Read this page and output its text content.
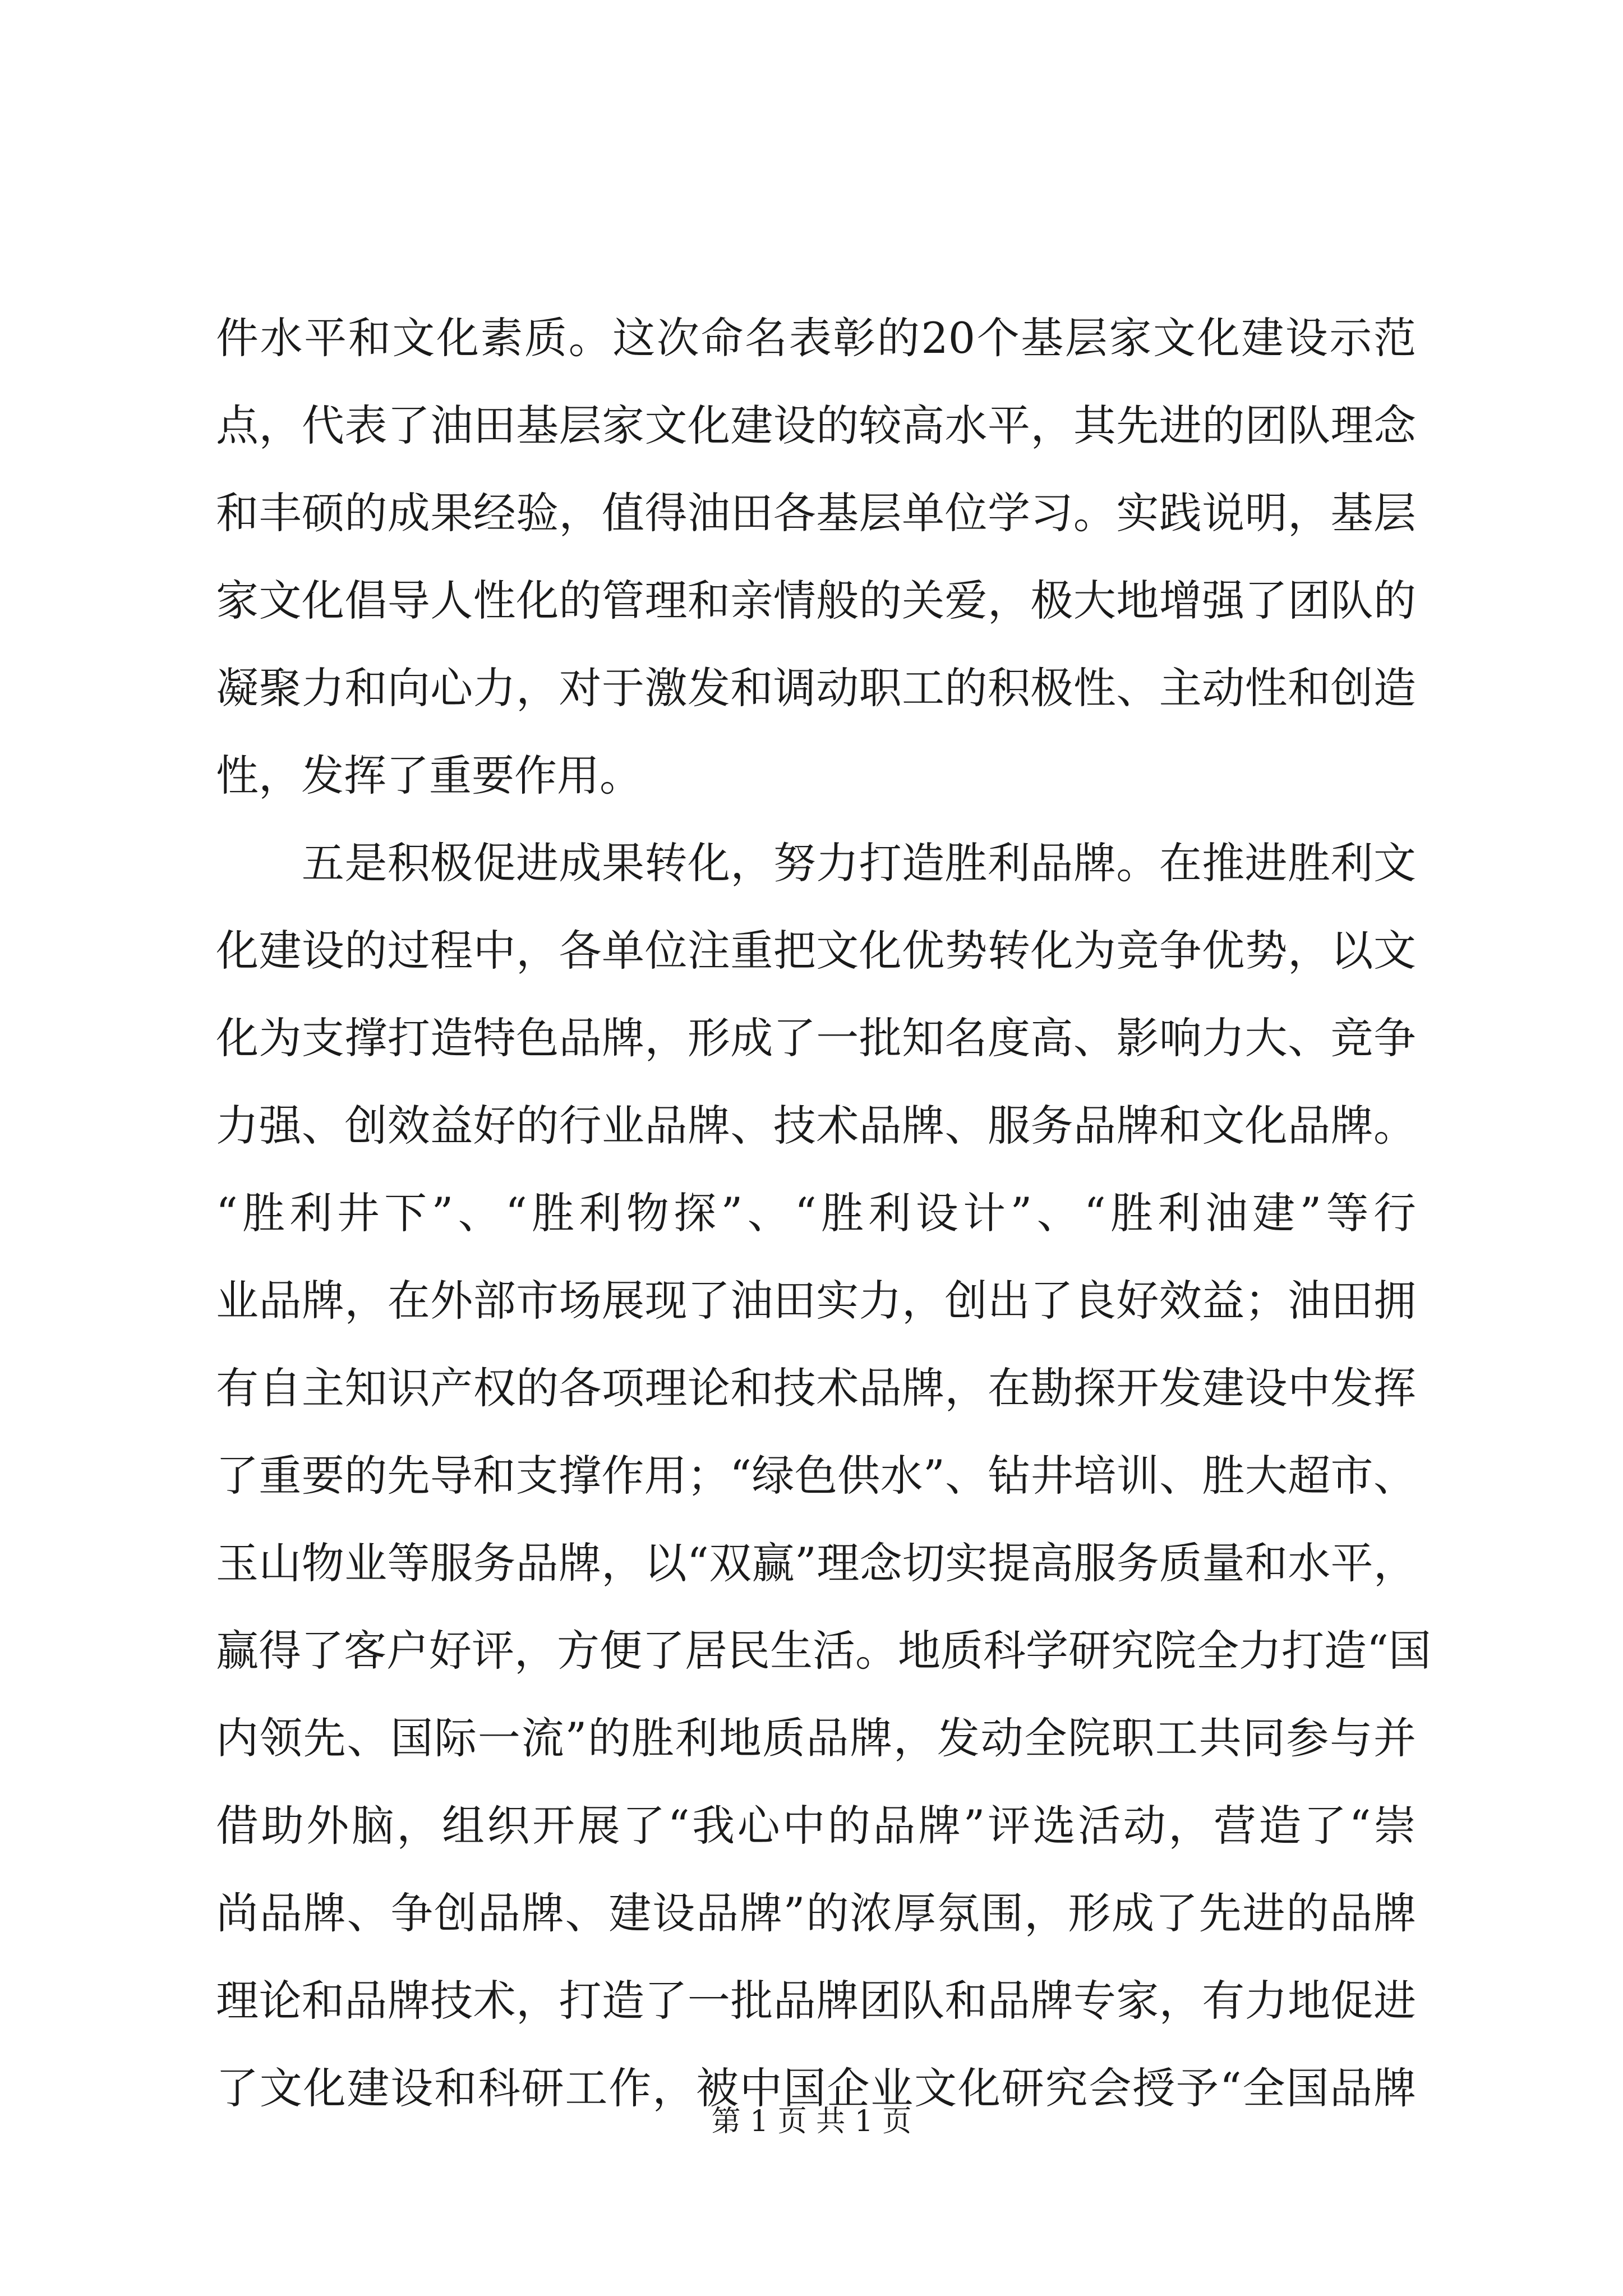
件水平和文化素质。这次命名表彰的20个基层家文化建设示范
点，代表了油田基层家文化建设的较高水平，其先进的团队理念
和丰硕的成果经验，值得油田各基层单位学习。实践说明，基层
家文化倡导人性化的管理和亲情般的关爱，极大地增强了团队的
凝聚力和向心力，对于激发和调动职工的积极性、主动性和创造
性，发挥了重要作用。
　　五是积极促进成果转化，努力打造胜利品牌。在推进胜利文
化建设的过程中，各单位注重把文化优势转化为竞争优势，以文
化为支撑打造特色品牌，形成了一批知名度高、影响力大、竞争
力强、创效益好的行业品牌、技术品牌、服务品牌和文化品牌。
“胜利井下”、“胜利物探”、“胜利设计”、“胜利油建”等行
业品牌，在外部市场展现了油田实力，创出了良好效益；油田拥
有自主知识产权的各项理论和技术品牌，在勘探开发建设中发挥
了重要的先导和支撑作用；“绿色供水”、钻井培训、胜大超市、
玉山物业等服务品牌，以“双赢”理念切实提高服务质量和水平，
赢得了客户好评，方便了居民生活。地质科学研究院全力打造“国
内领先、国际一流”的胜利地质品牌，发动全院职工共同参与并
借助外脑，组织开展了“我心中的品牌”评选活动，营造了“崇
尚品牌、争创品牌、建设品牌”的浓厚氛围，形成了先进的品牌
理论和品牌技术，打造了一批品牌团队和品牌专家，有力地促进
了文化建设和科研工作，被中国企业文化研究会授予“全国品牌
第 1 页 共 1 页
